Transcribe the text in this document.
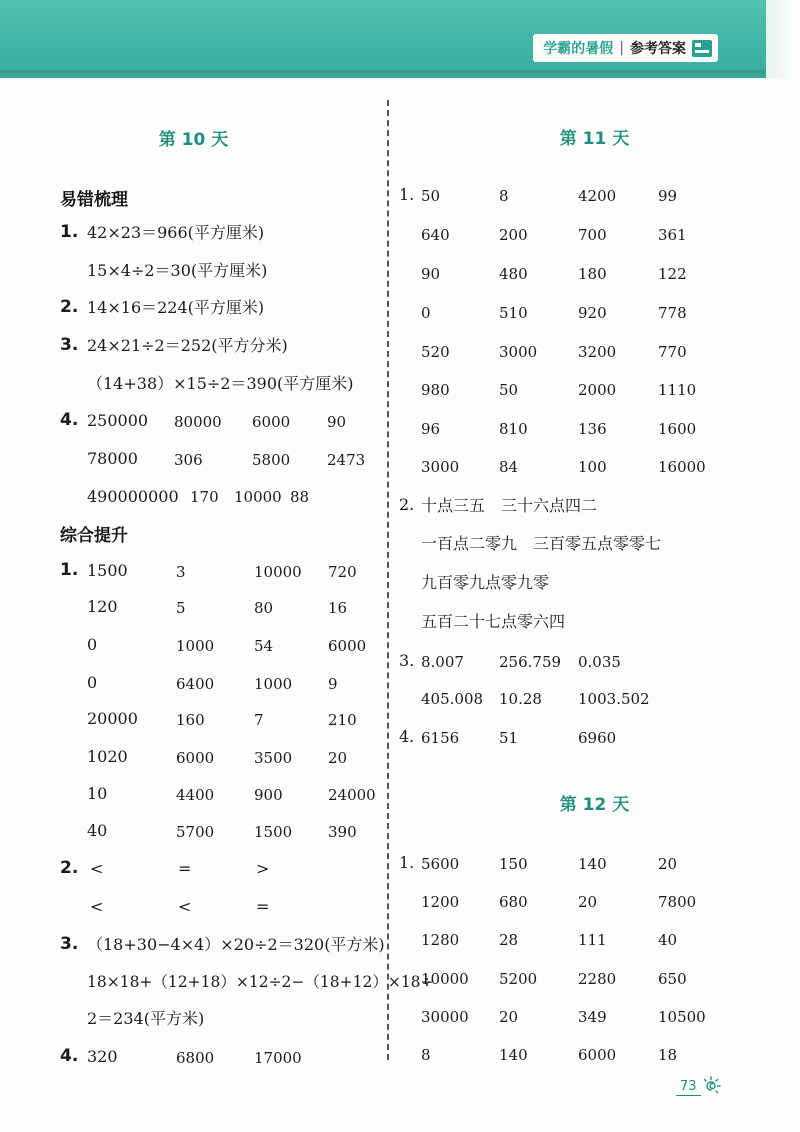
学霸的暑假 | 参考答案
第 10 天
易错梳理
1. 42×23＝966(平方厘米)
15×4÷2＝30(平方厘米)
2. 14×16＝224(平方厘米)
3. 24×21÷2＝252(平方分米)
（14+38）×15÷2＝390(平方厘米)
4. 250000 80000 6000 90
78000 306	5800 2473
490000000 170 10000 88
综合提升
1. 1500	3	10000 720
120	5	80	16
0	1000	54	6000
0	6400	1000 9
20000	160	7	210
1020	6000	3500 20
10	4400	900	24000
40	5700	1500 390
2. <	=	>
<	<	=
3. （18+30−4×4）×20÷2＝320(平方米)
18×18+（12+18）×12÷2−（18+12）×18÷
2＝234(平方米)
4. 320	6800	17000
第 11 天
1. 50	8	4200	99
640	200	700	361
90	480	180	122
0	510	920	778
520	3000	3200	770
980	50	2000	1110
96	810	136	1600
3000	84	100	16000
2. 十点三五　三十六点四二
一百点二零九　三百零五点零零七
九百零九点零九零
五百二十七点零六四
3. 8.007 256.759 0.035
405.008 10.28 1003.502
4. 6156	51	6960
第 12 天
1. 5600	150	140	20
1200	680	20	7800
1280	28	111	40
10000 5200	2280	650
30000 20	349	10500
8	140	6000	18
73
